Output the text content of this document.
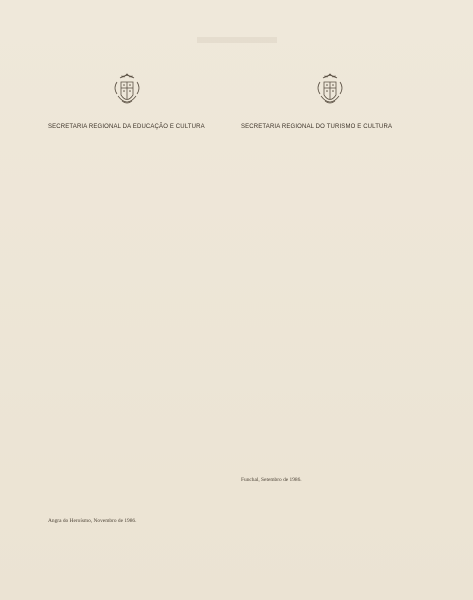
SECRETARIA REGIONAL DA EDUCAÇÃO E CULTURA

Angra do Heroísmo, Novembro de 1986.
SECRETARIA REGIONAL DO TURISMO E CULTURA

Funchal, Setembro de 1986.
